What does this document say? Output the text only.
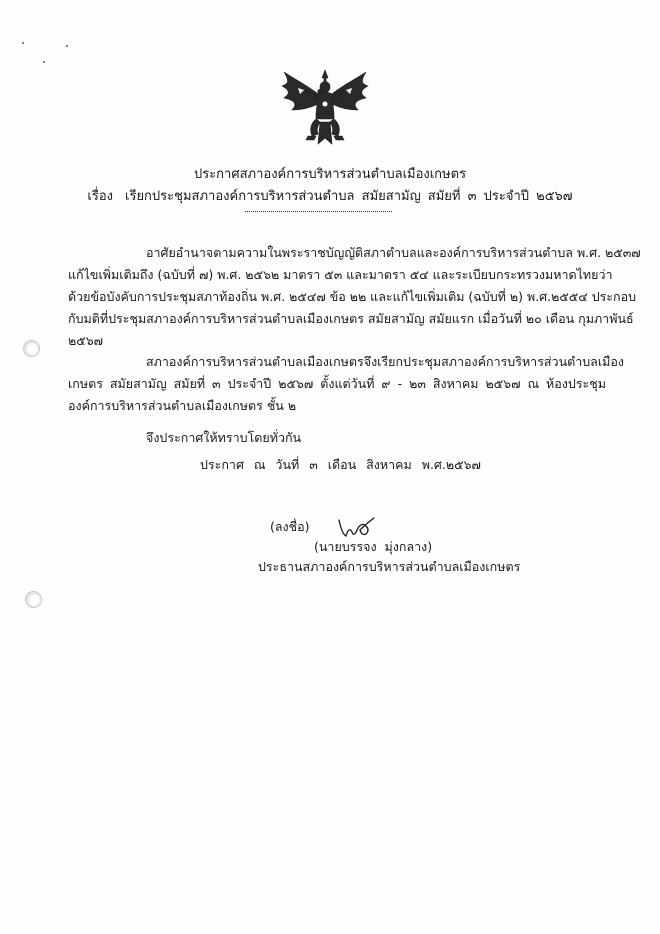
ประกาศสภาองค์การบริหารส่วนตำบลเมืองเกษตร
เรื่อง เรียกประชุมสภาองค์การบริหารส่วนตำบล สมัยสามัญ สมัยที่ ๓ ประจำปี ๒๕๖๗
อาศัยอำนาจตามความในพระราชบัญญัติสภาตำบลและองค์การบริหารส่วนตำบล พ.ศ. ๒๕๓๗
แก้ไขเพิ่มเติมถึง (ฉบับที่ ๗) พ.ศ. ๒๕๖๒ มาตรา ๕๓ และมาตรา ๕๔ และระเบียบกระทรวงมหาดไทยว่า
ด้วยข้อบังคับการประชุมสภาท้องถิ่น พ.ศ. ๒๕๔๗ ข้อ ๒๒ และแก้ไขเพิ่มเติม (ฉบับที่ ๒) พ.ศ.๒๕๕๔ ประกอบ
กับมติที่ประชุมสภาองค์การบริหารส่วนตำบลเมืองเกษตร สมัยสามัญ สมัยแรก เมื่อวันที่ ๒๐ เดือน กุมภาพันธ์
๒๕๖๗
สภาองค์การบริหารส่วนตำบลเมืองเกษตรจึงเรียกประชุมสภาองค์การบริหารส่วนตำบลเมือง
เกษตร สมัยสามัญ สมัยที่ ๓ ประจำปี ๒๕๖๗ ตั้งแต่วันที่ ๙ - ๒๓ สิงหาคม ๒๕๖๗ ณ ห้องประชุม
องค์การบริหารส่วนตำบลเมืองเกษตร ชั้น ๒
จึงประกาศให้ทราบโดยทั่วกัน
ประกาศ ณ วันที่ ๓ เดือน สิงหาคม พ.ศ.๒๕๖๗
(ลงชื่อ)
(นายบรรจง มุ่งกลาง)
ประธานสภาองค์การบริหารส่วนตำบลเมืองเกษตร
